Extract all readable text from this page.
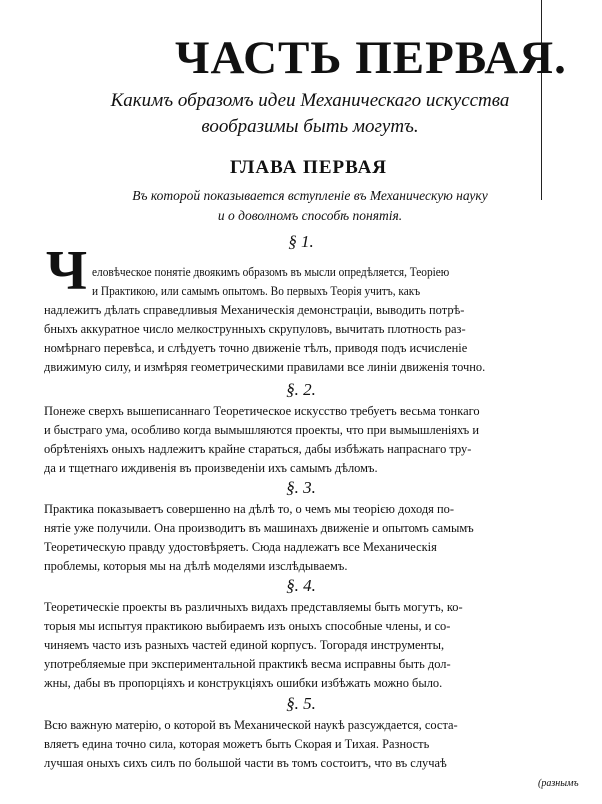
ЧАСТЬ ПЕРВАЯ.
Какимъ образомъ идеи Механическаго искусства
вообразимы быть могутъ.
ГЛАВА ПЕРВАЯ
Въ которой показывается вступленіе въ Механическую науку
и о доволномъ способѣ понятія.
§ 1.
Ч еловѣческое понятіе двоякимъ образомъ въ мысли опредѣляется, Теоріею
и Практикою, или самымъ опытомъ. Во первыхъ Теорія учитъ, какъ
надлежитъ дѣлать справедливыя Механическія демонстраціи, выводить потрѣ-
бныхъ аккуратное число мелкострунныхъ скрупуловъ, вычитать плотность раз-
номѣрнаго перевѣса, и слѣдуетъ точно движеніе тѣлъ, приводя подъ исчисленіе
движимую силу, и измѣряя геометрическими правилами все линіи движенія точно.
§. 2.
Понеже сверхъ вышеписаннаго Теоретическое искусство требуетъ весьма тонкаго
и быстраго ума, особливо когда вымышляются проекты, что при вымышленіяхъ и
обрѣтеніяхъ оныхъ надлежитъ крайне стараться, дабы избѣжать напраснаго тру-
да и тщетнаго иждивенія въ произведеніи ихъ самымъ дѣломъ.
§. 3.
Практика показываетъ совершенно на дѣлѣ то, о чемъ мы теорією доходя по-
нятіе уже получили. Она производитъ въ машинахъ движеніе и опытомъ самымъ
Теоретическую правду удостовѣряетъ. Сюда надлежатъ все Механическія
проблемы, которыя мы на дѣлѣ моделями изслѣдываемъ.
§. 4.
Теоретическіе проекты въ различныхъ видахъ представляемы быть могутъ, ко-
торыя мы испытуя практикою выбираемъ изъ оныхъ способные члены, и со-
чиняемъ часто изъ разныхъ частей единой корпусъ. Тогорадя инструменты,
употребляемые при экспериментальной практикѣ весма исправны быть дол-
жны, дабы въ пропорціяхъ и конструкціяхъ ошибки избѣжать можно было.
§. 5.
Всю важную матерію, о которой въ Механической наукѣ разсуждается, соста-
вляетъ едина точно сила, которая можетъ быть Скорая и Тихая. Разность
лучшая оныхъ сихъ силъ по большой части въ томъ состоитъ, что въ случаѣ
(разнымъ
